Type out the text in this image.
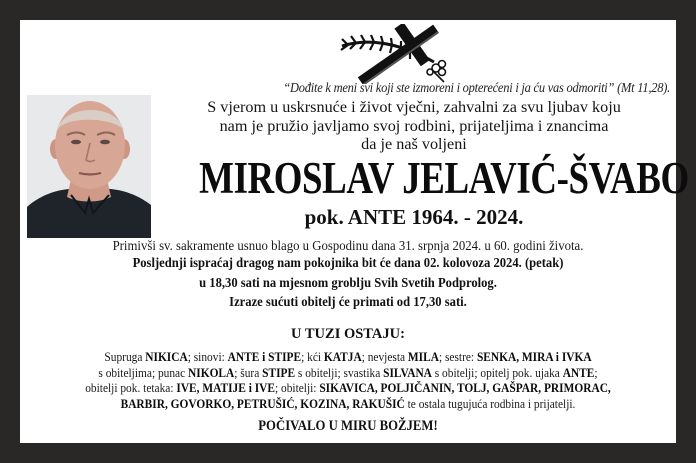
“Dođite k meni svi koji ste izmoreni i opterećeni i ja ću vas odmoriti” (Mt 11,28).
S vjerom u uskrsnuće i život vječni, zahvalni za svu ljubav koju
nam je pružio javljamo svoj rodbini, prijateljima i znancima
da je naš voljeni
MIROSLAV JELAVIĆ-ŠVABO
pok. ANTE 1964. - 2024.
Primivši sv. sakramente usnuo blago u Gospodinu dana 31. srpnja 2024. u 60. godini života.
Posljednji ispraćaj dragog nam pokojnika bit će dana 02. kolovoza 2024. (petak)
u 18,30 sati na mjesnom groblju Svih Svetih Podprolog.
Izraze sućuti obitelj će primati od 17,30 sati.
U TUZI OSTAJU:
Supruga NIKICA; sinovi: ANTE i STIPE; kći KATJA; nevjesta MILA; sestre: SENKA, MIRA i IVKA
s obiteljima; punac NIKOLA; šura STIPE s obitelji; svastika SILVANA s obitelji; opitelj pok. ujaka ANTE;
obitelji pok. tetaka: IVE, MATIJE i IVE; obitelji: SIKAVICA, POLJIČANIN, TOLJ, GAŠPAR, PRIMORAC,
BARBIR, GOVORKO, PETRUŠIĆ, KOZINA, RAKUŠIĆ te ostala tugujuća rodbina i prijatelji.
POČIVALO U MIRU BOŽJEM!
